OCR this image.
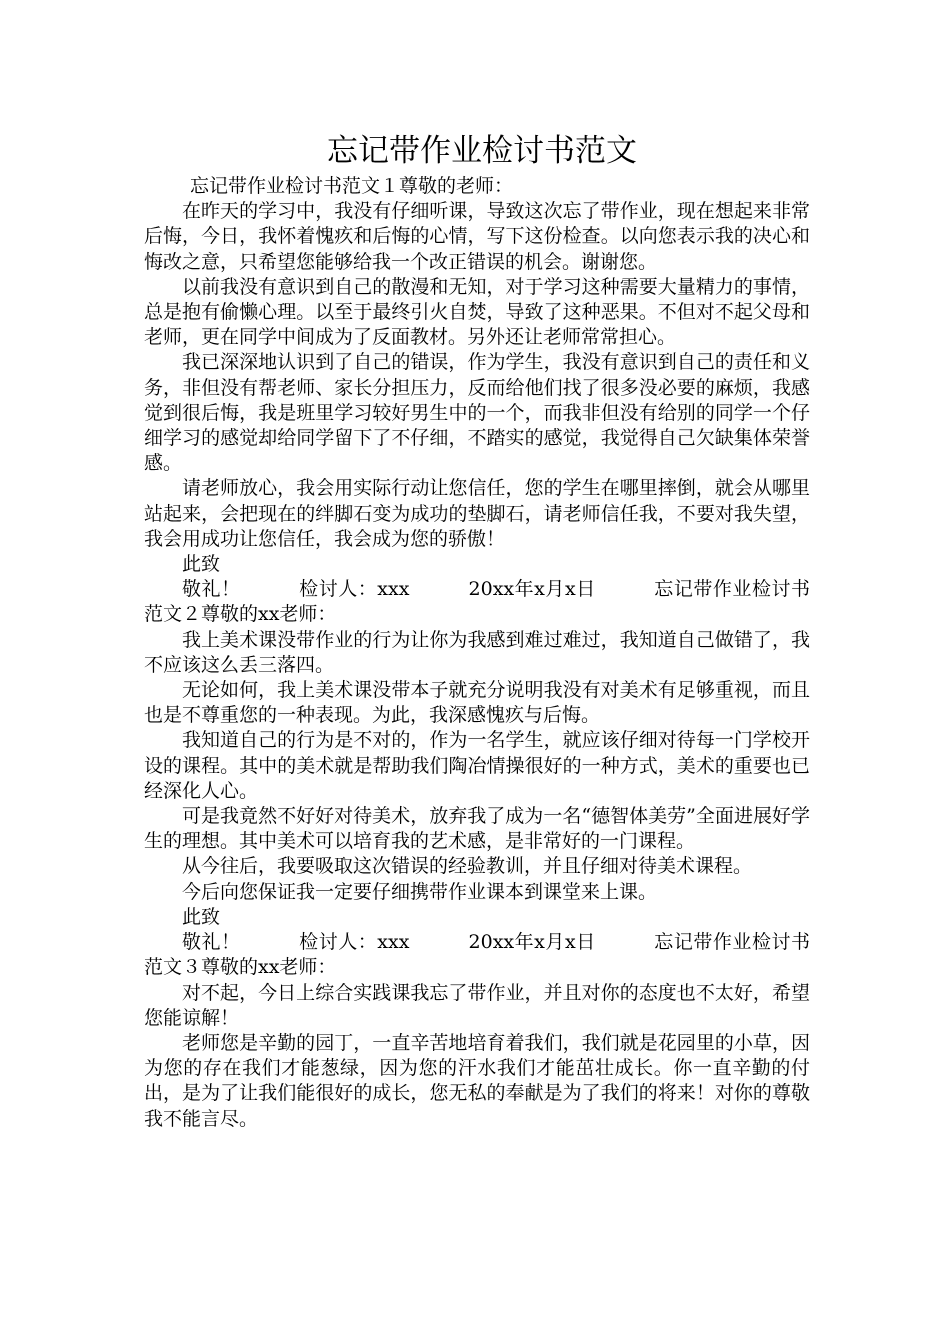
忘记带作业检讨书范文

忘记带作业检讨书范文１尊敬的老师：

在昨天的学习中，我没有仔细听课，导致这次忘了带作业，现在想起来非常后悔，今日，我怀着愧疚和后悔的心情，写下这份检查。以向您表示我的决心和悔改之意，只希望您能够给我一个改正错误的机会。谢谢您。

以前我没有意识到自己的散漫和无知，对于学习这种需要大量精力的事情，总是抱有偷懒心理。以至于最终引火自焚，导致了这种恶果。不但对不起父母和老师，更在同学中间成为了反面教材。另外还让老师常常担心。

我已深深地认识到了自己的错误，作为学生，我没有意识到自己的责任和义务，非但没有帮老师、家长分担压力，反而给他们找了很多没必要的麻烦，我感觉到很后悔，我是班里学习较好男生中的一个，而我非但没有给别的同学一个仔细学习的感觉却给同学留下了不仔细，不踏实的感觉，我觉得自己欠缺集体荣誉感。

请老师放心，我会用实际行动让您信任，您的学生在哪里摔倒，就会从哪里站起来，会把现在的绊脚石变为成功的垫脚石，请老师信任我，不要对我失望，我会用成功让您信任，我会成为您的骄傲！

此致

敬礼！　　　检讨人：xxx　　　20xx年x月x日　　　忘记带作业检讨书范文２尊敬的xx老师：

我上美术课没带作业的行为让你为我感到难过难过，我知道自己做错了，我不应该这么丢三落四。

无论如何，我上美术课没带本子就充分说明我没有对美术有足够重视，而且也是不尊重您的一种表现。为此，我深感愧疚与后悔。

我知道自己的行为是不对的，作为一名学生，就应该仔细对待每一门学校开设的课程。其中的美术就是帮助我们陶冶情操很好的一种方式，美术的重要也已经深化人心。

可是我竟然不好好对待美术，放弃我了成为一名“德智体美劳”全面进展好学生的理想。其中美术可以培育我的艺术感，是非常好的一门课程。

从今往后，我要吸取这次错误的经验教训，并且仔细对待美术课程。

今后向您保证我一定要仔细携带作业课本到课堂来上课。

此致

敬礼！　　　检讨人：xxx　　　20xx年x月x日　　　忘记带作业检讨书范文３尊敬的xx老师：

对不起，今日上综合实践课我忘了带作业，并且对你的态度也不太好，希望您能谅解！

老师您是辛勤的园丁，一直辛苦地培育着我们，我们就是花园里的小草，因为您的存在我们才能葱绿，因为您的汗水我们才能茁壮成长。你一直辛勤的付出，是为了让我们能很好的成长，您无私的奉献是为了我们的将来！对你的尊敬我不能言尽。
